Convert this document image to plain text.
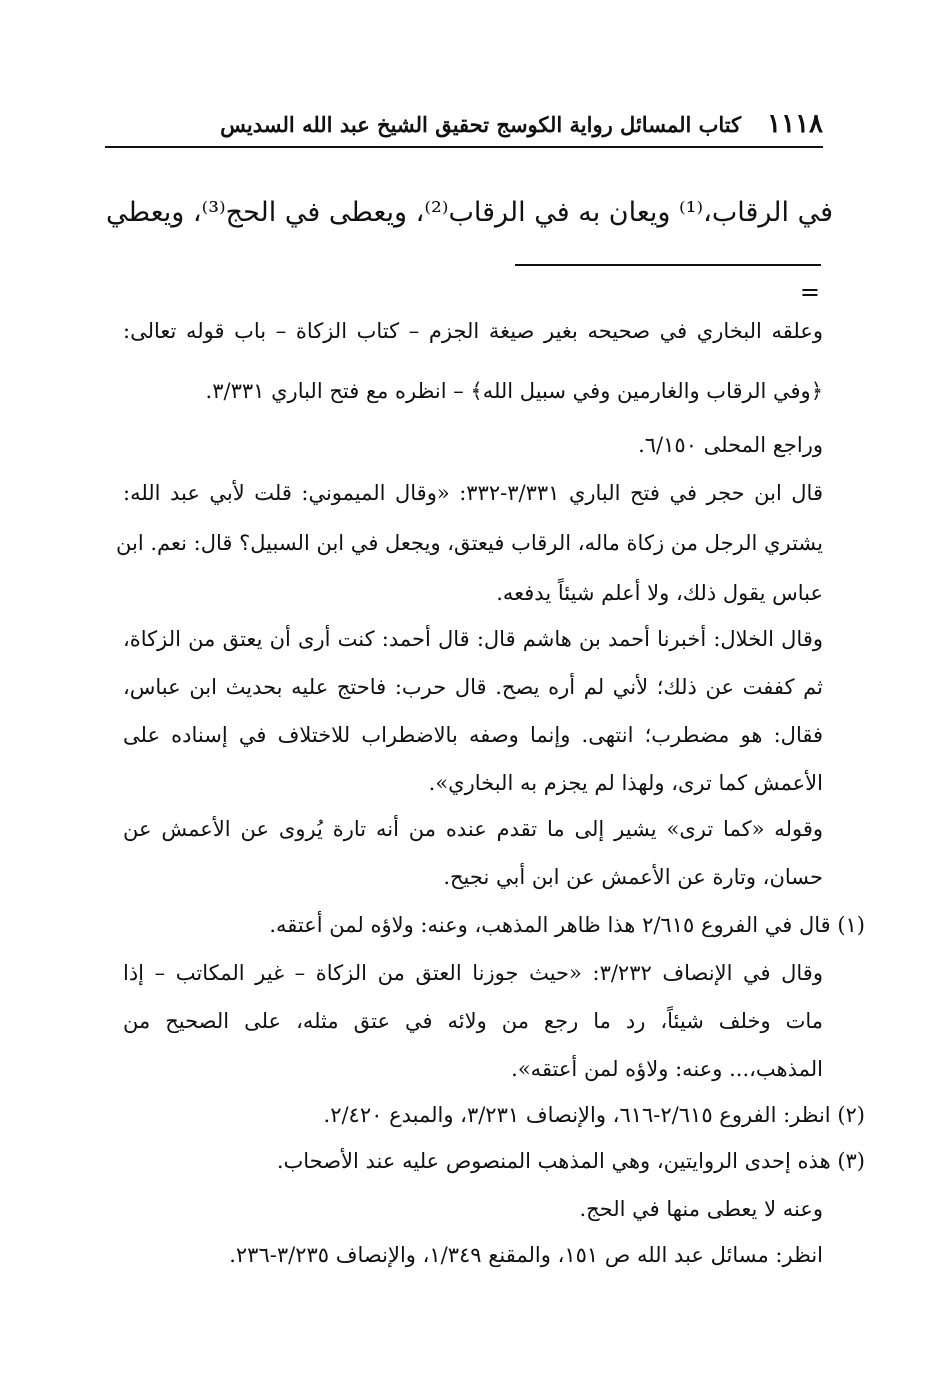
١١١٨
كتاب المسائل رواية الكوسج تحقيق الشيخ عبد الله السديس
في الرقاب،⁽¹⁾ ويعان به في الرقاب⁽²⁾، ويعطى في الحج⁽³⁾، ويعطي
=
وعلقه البخاري في صحيحه بغير صيغة الجزم – كتاب الزكاة – باب قوله تعالى:
﴿وفي الرقاب والغارمين وفي سبيل الله﴾ – انظره مع فتح الباري ٣/٣٣١.
وراجع المحلى ٦/١٥٠.
قال ابن حجر في فتح الباري ٣/٣٣١-٣٣٢: «وقال الميموني: قلت لأبي عبد الله:
يشتري الرجل من زكاة ماله، الرقاب فيعتق، ويجعل في ابن السبيل؟ قال: نعم. ابن
عباس يقول ذلك، ولا أعلم شيئاً يدفعه.
وقال الخلال: أخبرنا أحمد بن هاشم قال: قال أحمد: كنت أرى أن يعتق من الزكاة،
ثم كففت عن ذلك؛ لأني لم أره يصح. قال حرب: فاحتج عليه بحديث ابن عباس،
فقال: هو مضطرب؛ انتهى. وإنما وصفه بالاضطراب للاختلاف في إسناده على
الأعمش كما ترى، ولهذا لم يجزم به البخاري».
وقوله «كما ترى» يشير إلى ما تقدم عنده من أنه تارة يُروى عن الأعمش عن
حسان، وتارة عن الأعمش عن ابن أبي نجيح.
(١) قال في الفروع ٢/٦١٥ هذا ظاهر المذهب، وعنه: ولاؤه لمن أعتقه.
وقال في الإنصاف ٣/٢٣٢: «حيث جوزنا العتق من الزكاة – غير المكاتب – إذا
مات وخلف شيئاً، رد ما رجع من ولائه في عتق مثله، على الصحيح من
المذهب،... وعنه: ولاؤه لمن أعتقه».
(٢) انظر: الفروع ٢/٦١٥-٦١٦، والإنصاف ٣/٢٣١، والمبدع ٢/٤٢٠.
(٣) هذه إحدى الروايتين، وهي المذهب المنصوص عليه عند الأصحاب.
وعنه لا يعطى منها في الحج.
انظر: مسائل عبد الله ص ١٥١، والمقنع ١/٣٤٩، والإنصاف ٣/٢٣٥-٢٣٦.
